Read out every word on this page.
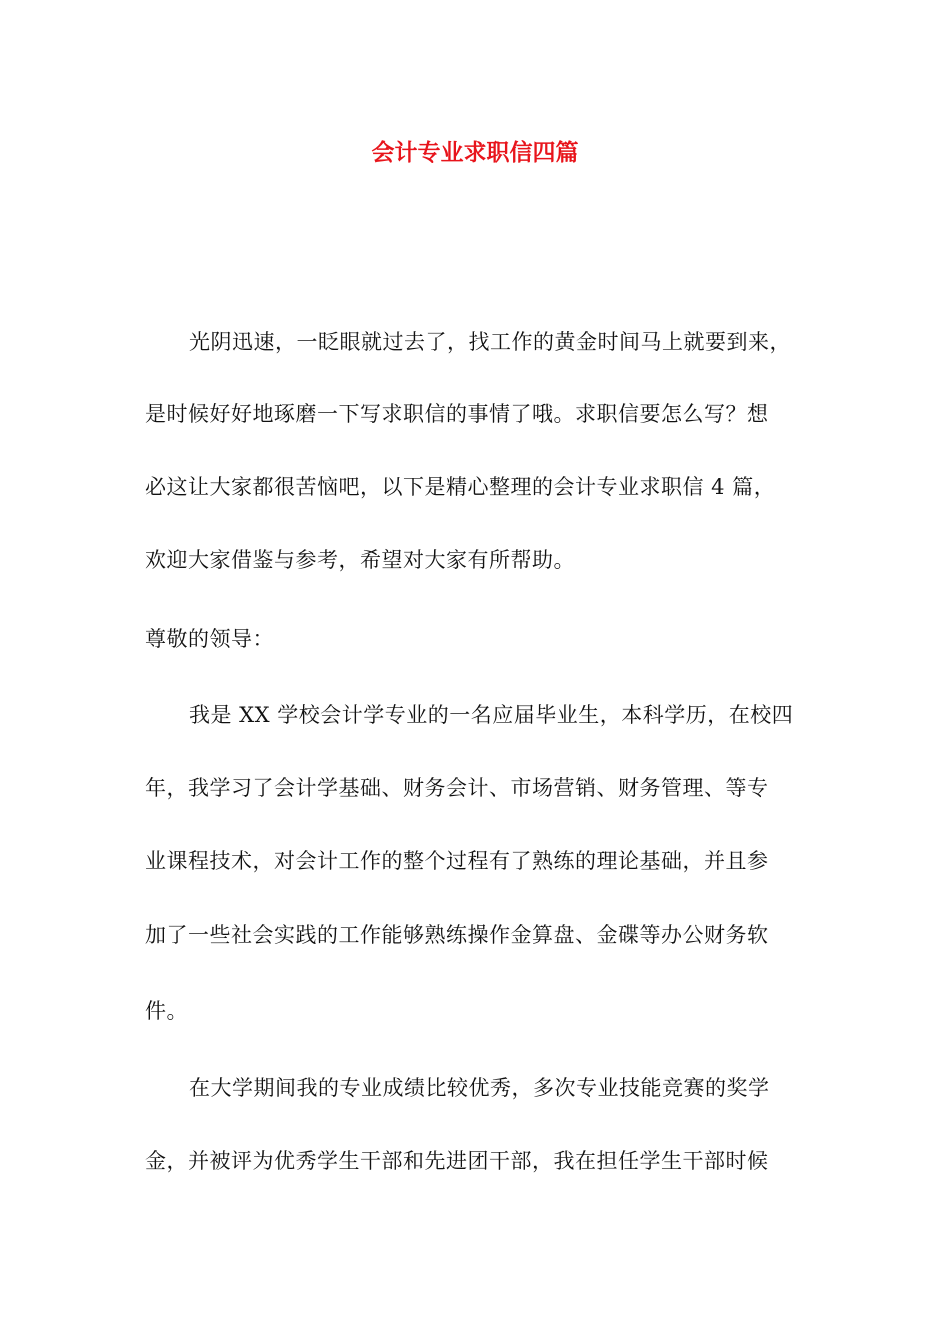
会计专业求职信四篇
光阴迅速，一眨眼就过去了，找工作的黄金时间马上就要到来，
是时候好好地琢磨一下写求职信的事情了哦。求职信要怎么写？想
必这让大家都很苦恼吧，以下是精心整理的会计专业求职信 4 篇，
欢迎大家借鉴与参考，希望对大家有所帮助。
尊敬的领导：
我是 XX 学校会计学专业的一名应届毕业生，本科学历，在校四
年，我学习了会计学基础、财务会计、市场营销、财务管理、等专
业课程技术，对会计工作的整个过程有了熟练的理论基础，并且参
加了一些社会实践的工作能够熟练操作金算盘、金碟等办公财务软
件。
在大学期间我的专业成绩比较优秀，多次专业技能竞赛的奖学
金，并被评为优秀学生干部和先进团干部，我在担任学生干部时候
